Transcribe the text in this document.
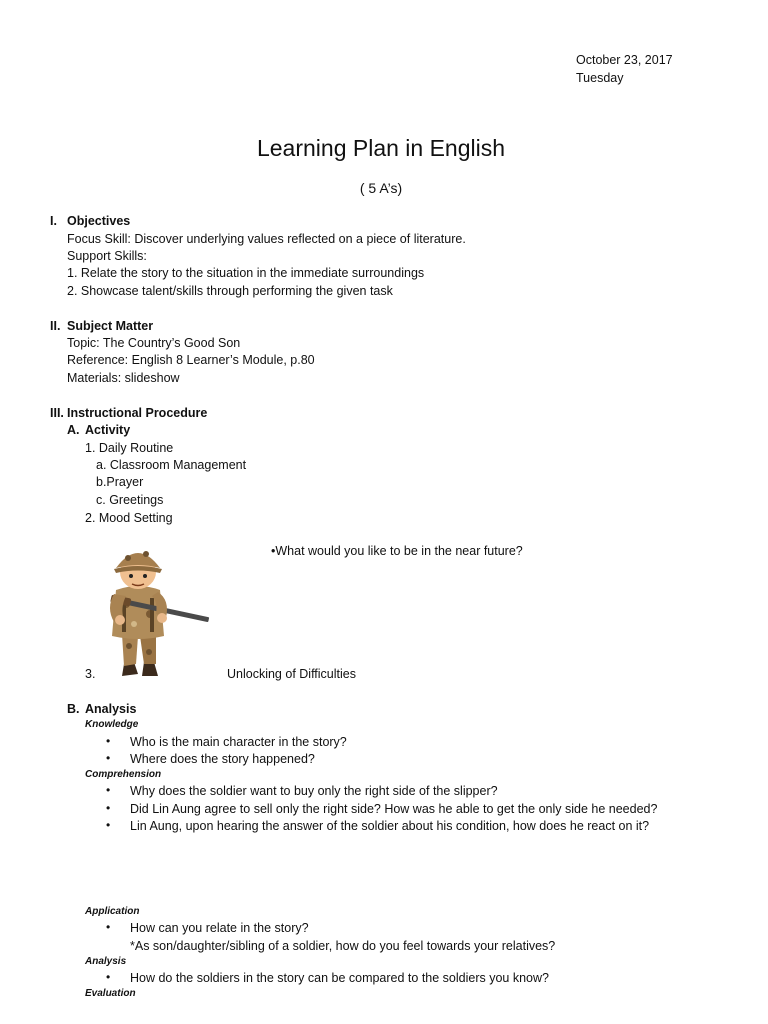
October 23, 2017
Tuesday
Learning Plan in English
( 5 A’s)
I. Objectives
Focus Skill: Discover underlying values reflected on a piece of literature.
Support Skills:
1. Relate the story to the situation in the immediate surroundings
2. Showcase talent/skills through performing the given task
II. Subject Matter
Topic: The Country’s Good Son
Reference: English 8 Learner’s Module, p.80
Materials: slideshow
III. Instructional Procedure
A. Activity
1. Daily Routine
a. Classroom Management
b.Prayer
c. Greetings
2. Mood Setting
•What would you like to be in the near future?
3.	Unlocking of Difficulties
B. Analysis
Knowledge
• Who is the main character in the story?
• Where does the story happened?
Comprehension
• Why does the soldier want to buy only the right side of the slipper?
• Did Lin Aung agree to sell only the right side? How was he able to get the only side he needed?
• Lin Aung, upon hearing the answer of the soldier about his condition, how does he react on it?
Application
• How can you relate in the story?
*As son/daughter/sibling of a soldier, how do you feel towards your relatives?
Analysis
• How do the soldiers in the story can be compared to the soldiers you know?
Evaluation
